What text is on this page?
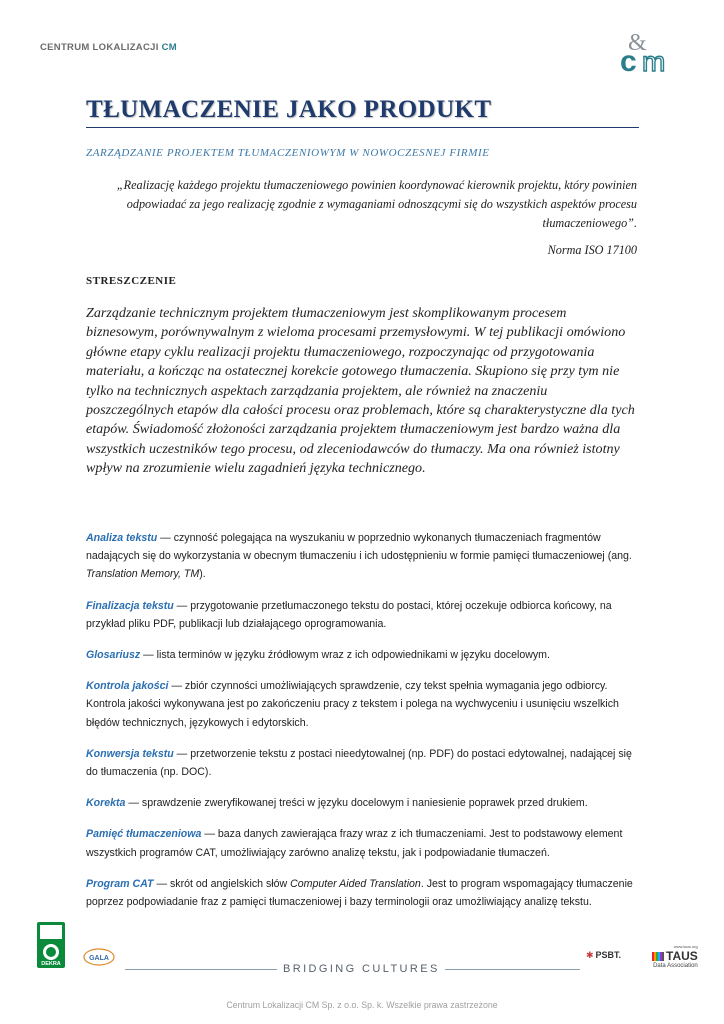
CENTRUM LOKALIZACJI CM	&
c m
TŁUMACZENIE JAKO PRODUKT
ZARZĄDZANIE PROJEKTEM TŁUMACZENIOWYM W NOWOCZESNEJ FIRMIE

„Realizację każdego projektu tłumaczeniowego powinien koordynować kierownik projektu, który powinien odpowiadać za jego realizację zgodnie z wymaganiami odnoszącymi się do wszystkich aspektów procesu tłumaczeniowego”.

Norma ISO 17100
STRESZCZENIE

Zarządzanie technicznym projektem tłumaczeniowym jest skomplikowanym procesem biznesowym, porównywalnym z wieloma procesami przemysłowymi. W tej publikacji omówiono główne etapy cyklu realizacji projektu tłumaczeniowego, rozpoczynając od przygotowania materiału, a kończąc na ostatecznej korekcie gotowego tłumaczenia. Skupiono się przy tym nie tylko na technicznych aspektach zarządzania projektem, ale również na znaczeniu poszczególnych etapów dla całości procesu oraz problemach, które są charakterystyczne dla tych etapów. Świadomość złożoności zarządzania projektem tłumaczeniowym jest bardzo ważna dla wszystkich uczestników tego procesu, od zleceniodawców do tłumaczy. Ma ona również istotny wpływ na zrozumienie wielu zagadnień języka technicznego.

Analiza tekstu — czynność polegająca na wyszukaniu w poprzednio wykonanych tłumaczeniach fragmentów nadających się do wykorzystania w obecnym tłumaczeniu i ich udostępnieniu w formie pamięci tłumaczeniowej (ang. Translation Memory, TM).

Finalizacja tekstu — przygotowanie przetłumaczonego tekstu do postaci, której oczekuje odbiorca końcowy, na przykład pliku PDF, publikacji lub działającego oprogramowania.

Glosariusz — lista terminów w języku źródłowym wraz z ich odpowiednikami w języku docelowym.

Kontrola jakości — zbiór czynności umożliwiających sprawdzenie, czy tekst spełnia wymagania jego odbiorcy. Kontrola jakości wykonywana jest po zakończeniu pracy z tekstem i polega na wychwyceniu i usunięciu wszelkich błędów technicznych, językowych i edytorskich.

Konwersja tekstu — przetworzenie tekstu z postaci nieedytowalnej (np. PDF) do postaci edytowalnej, nadającej się do tłumaczenia (np. DOC).

Korekta — sprawdzenie zweryfikowanej treści w języku docelowym i naniesienie poprawek przed drukiem.

Pamięć tłumaczeniowa — baza danych zawierająca frazy wraz z ich tłumaczeniami. Jest to podstawowy element wszystkich programów CAT, umożliwiający zarówno analizę tekstu, jak i podpowiadanie tłumaczeń.

Program CAT — skrót od angielskich słów Computer Aided Translation. Jest to program wspomagający tłumaczenie poprzez podpowiadanie fraz z pamięci tłumaczeniowej i bazy terminologii oraz umożliwiający analizę tekstu.

DEKRA
GALA
BRIDGING CULTURES
✱ PSBT.
www.taus.org
TAUS
Data Association
Centrum Lokalizacji CM Sp. z o.o. Sp. k. Wszelkie prawa zastrzeżone
